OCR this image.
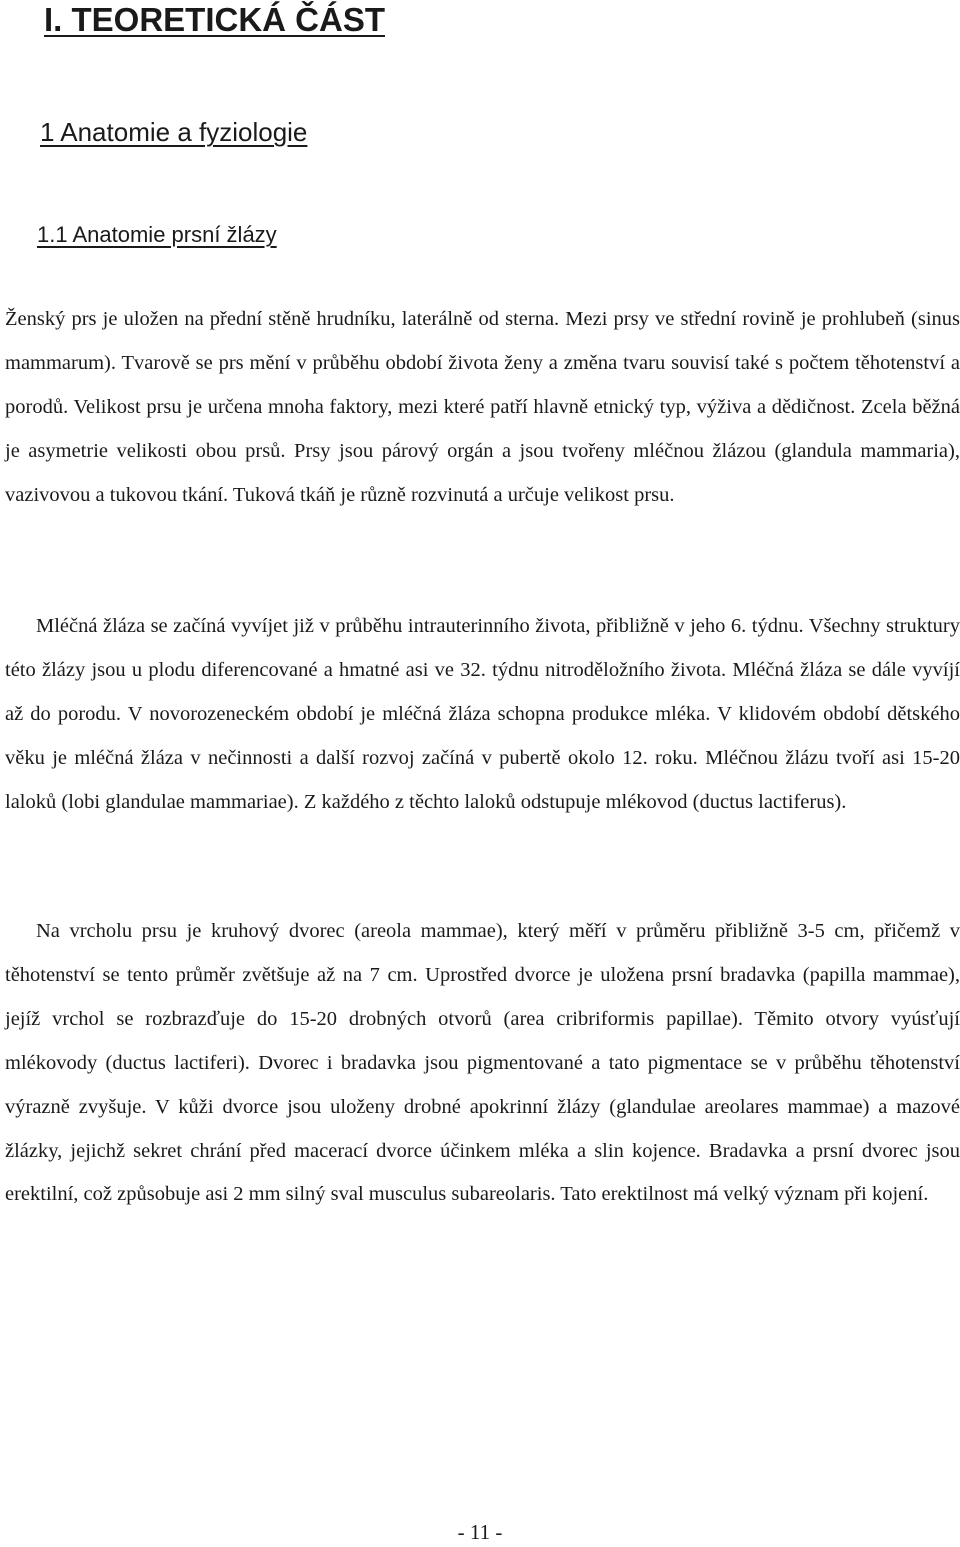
I. TEORETICKÁ ČÁST
1 Anatomie a fyziologie
1.1 Anatomie prsní žlázy

Ženský prs je uložen na přední stěně hrudníku, laterálně od sterna. Mezi prsy ve střední rovině je prohlubeň (sinus mammarum). Tvarově se prs mění v průběhu období života ženy a změna tvaru souvisí také s počtem těhotenství a porodů. Velikost prsu je určena mnoha faktory, mezi které patří hlavně etnický typ, výživa a dědičnost. Zcela běžná je asymetrie velikosti obou prsů. Prsy jsou párový orgán a jsou tvořeny mléčnou žlázou (glandula mammaria), vazivovou a tukovou tkání. Tuková tkáň je různě rozvinutá a určuje velikost prsu.

Mléčná žláza se začíná vyvíjet již v průběhu intrauterinního života, přibližně v jeho 6. týdnu. Všechny struktury této žlázy jsou u plodu diferencované a hmatné asi ve 32. týdnu nitroděložního života. Mléčná žláza se dále vyvíjí až do porodu. V novorozeneckém období je mléčná žláza schopna produkce mléka. V klidovém období dětského věku je mléčná žláza v nečinnosti a další rozvoj začíná v pubertě okolo 12. roku. Mléčnou žlázu tvoří asi 15-20 laloků (lobi glandulae mammariae). Z každého z těchto laloků odstupuje mlékovod (ductus lactiferus).

Na vrcholu prsu je kruhový dvorec (areola mammae), který měří v průměru přibližně 3-5 cm, přičemž v těhotenství se tento průměr zvětšuje až na 7 cm. Uprostřed dvorce je uložena prsní bradavka (papilla mammae), jejíž vrchol se rozbrazďuje do 15-20 drobných otvorů (area cribriformis papillae). Těmito otvory vyúsťují mlékovody (ductus lactiferi). Dvorec i bradavka jsou pigmentované a tato pigmentace se v průběhu těhotenství výrazně zvyšuje. V kůži dvorce jsou uloženy drobné apokrinní žlázy (glandulae areolares mammae) a mazové žlázky, jejichž sekret chrání před macerací dvorce účinkem mléka a slin kojence. Bradavka a prsní dvorec jsou erektilní, což způsobuje asi 2 mm silný sval musculus subareolaris. Tato erektilnost má velký význam při kojení.

- 11 -
